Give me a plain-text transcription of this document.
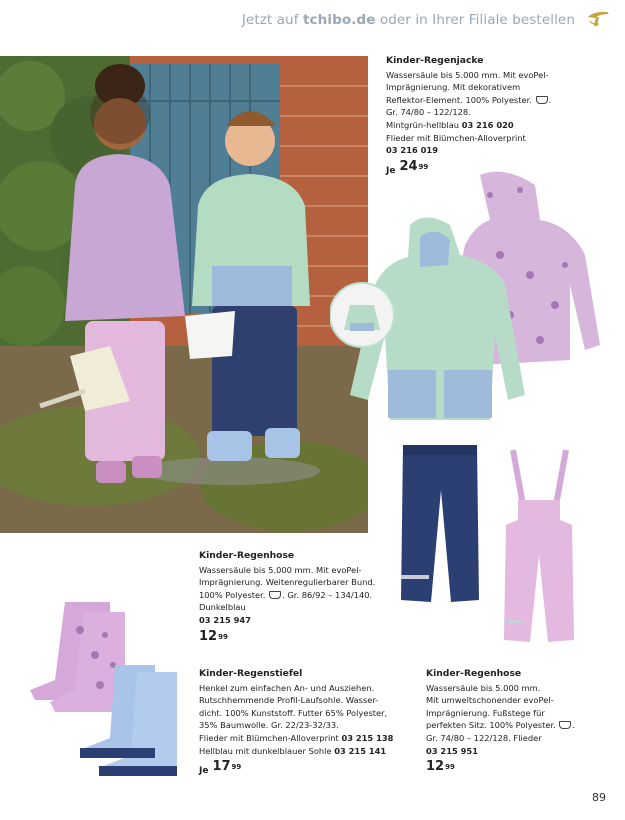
Jetzt auf tchibo.de oder in Ihrer Filiale bestellen
Kinder-Regenjacke
Wassersäule bis 5.000 mm. Mit evoPel-
Imprägnierung. Mit dekorativem
Reflektor-Element. 100% Polyester. .
Gr. 74/80 – 122/128.
Mintgrün-hellblau 03 216 020
Flieder mit Blümchen-Alloverprint
03 216 019
Je 24 99
Kinder-Regenhose
Wassersäule bis 5.000 mm. Mit evoPel-
Imprägnierung. Weitenregulierbarer Bund.
100% Polyester. . Gr. 86/92 – 134/140.
Dunkelblau
03 215 947
12 99
Kinder-Regenstiefel
Henkel zum einfachen An- und Ausziehen.
Rutschhemmende Profil-Laufsohle. Wasser-
dicht. 100% Kunststoff. Futter 65% Polyester,
35% Baumwolle. Gr. 22/23-32/33.
Flieder mit Blümchen-Alloverprint 03 215 138
Hellblau mit dunkelblauer Sohle 03 215 141
Je 17 99
Kinder-Regenhose
Wassersäule bis 5.000 mm.
Mit umweltschonender evoPel-
Imprägnierung. Fußstege für
perfekten Sitz. 100% Polyester. .
Gr. 74/80 – 122/128. Flieder
03 215 951
12 99
89
